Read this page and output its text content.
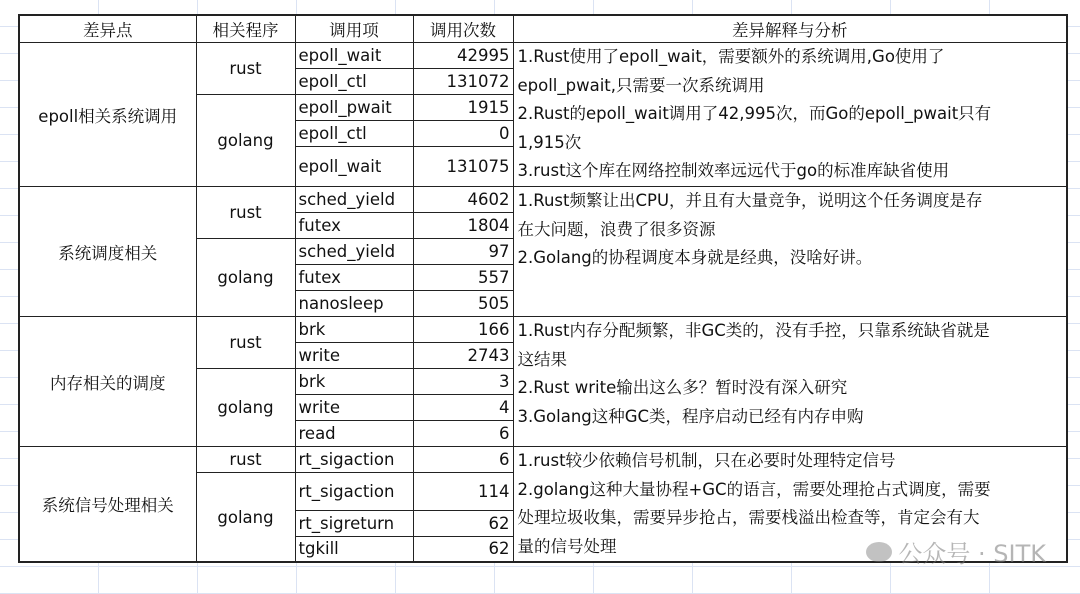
差异点	相关程序	调用项	调用次数	差异解释与分析
epoll相关系统调用	rust	epoll_wait	42995	1.Rust使用了epoll_wait，需要额外的系统调用,Go使用了
epoll_pwait,只需要一次系统调用
2.Rust的epoll_wait调用了42,995次，而Go的epoll_pwait只有
1,915次
3.rust这个库在网络控制效率远远代于go的标准库缺省使用

		epoll_ctl	131072	
	golang	epoll_pwait	1915	
		epoll_ctl	0	
		epoll_wait	131075	
系统调度相关	rust	sched_yield	4602	1.Rust频繁让出CPU，并且有大量竞争，说明这个任务调度是存
在大问题，浪费了很多资源
2.Golang的协程调度本身就是经典，没啥好讲。

		futex	1804	
	golang	sched_yield	97	
		futex	557	
		nanosleep	505	
内存相关的调度	rust	brk	166	1.Rust内存分配频繁，非GC类的，没有手控，只靠系统缺省就是
这结果
2.Rust write输出这么多？暂时没有深入研究
3.Golang这种GC类，程序启动已经有内存申购

		write	2743	
	golang	brk	3	
		write	4	
		read	6	
系统信号处理相关	rust	rt_sigaction	6	1.rust较少依赖信号机制，只在必要时处理特定信号
2.golang这种大量协程+GC的语言，需要处理抢占式调度，需要
处理垃圾收集，需要异步抢占，需要栈溢出检查等，肯定会有大
量的信号处理

	golang	rt_sigaction	114	
		rt_sigreturn	62	
		tgkill	62		公众号 · SITK
